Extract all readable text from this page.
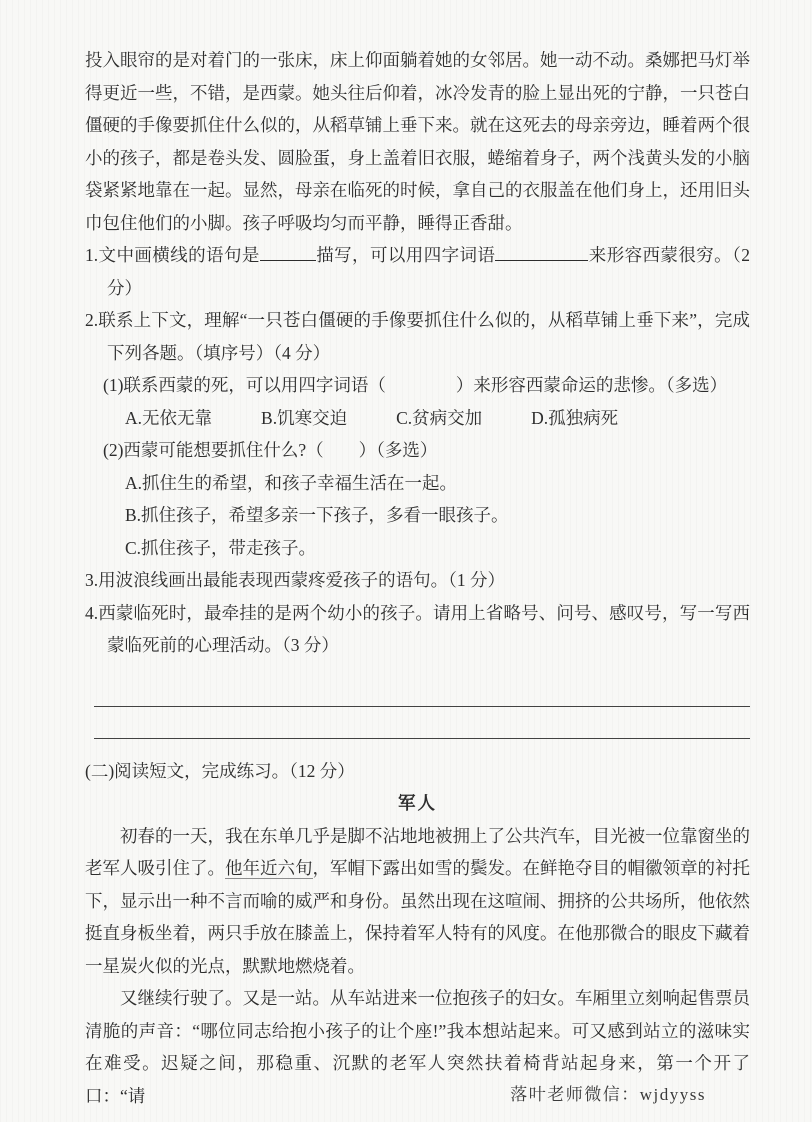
投入眼帘的是对着门的一张床，床上仰面躺着她的女邻居。她一动不动。桑娜把马灯举得更近一些，不错，是西蒙。她头往后仰着，冰冷发青的脸上显出死的宁静，一只苍白僵硬的手像要抓住什么似的，从稻草铺上垂下来。就在这死去的母亲旁边，睡着两个很小的孩子，都是卷头发、圆脸蛋，身上盖着旧衣服，蜷缩着身子，两个浅黄头发的小脑袋紧紧地靠在一起。显然，母亲在临死的时候，拿自己的衣服盖在他们身上，还用旧头巾包住他们的小脚。孩子呼吸均匀而平静，睡得正香甜。

1.文中画横线的语句是	描写，可以用四字词语	来形容西蒙很穷。（2 分）
2.联系上下文，理解“一只苍白僵硬的手像要抓住什么似的，从稻草铺上垂下来”，完成下列各题。（填序号）（4 分）
(1)联系西蒙的死，可以用四字词语（　　　　）来形容西蒙命运的悲惨。（多选）
A.无依无靠	B.饥寒交迫	C.贫病交加	D.孤独病死
(2)西蒙可能想要抓住什么?（　　）（多选）
A.抓住生的希望，和孩子幸福生活在一起。
B.抓住孩子，希望多亲一下孩子，多看一眼孩子。
C.抓住孩子，带走孩子。
3.用波浪线画出最能表现西蒙疼爱孩子的语句。（1 分）
4.西蒙临死时，最牵挂的是两个幼小的孩子。请用上省略号、问号、感叹号，写一写西蒙临死前的心理活动。（3 分）
(二)阅读短文，完成练习。（12 分）
军人

初春的一天，我在东单几乎是脚不沾地地被拥上了公共汽车，目光被一位靠窗坐的老军人吸引住了。他年近六旬，军帽下露出如雪的鬓发。在鲜艳夺目的帽徽领章的衬托下，显示出一种不言而喻的威严和身份。虽然出现在这喧闹、拥挤的公共场所，他依然挺直身板坐着，两只手放在膝盖上，保持着军人特有的风度。在他那微合的眼皮下藏着一星炭火似的光点，默默地燃烧着。

又继续行驶了。又是一站。从车站进来一位抱孩子的妇女。车厢里立刻响起售票员清脆的声音：“哪位同志给抱小孩子的让个座!”我本想站起来。可又感到站立的滋味实在难受。迟疑之间，那稳重、沉默的老军人突然扶着椅背站起身来，第一个开了口：“请	落叶老师微信：wjdyyss
